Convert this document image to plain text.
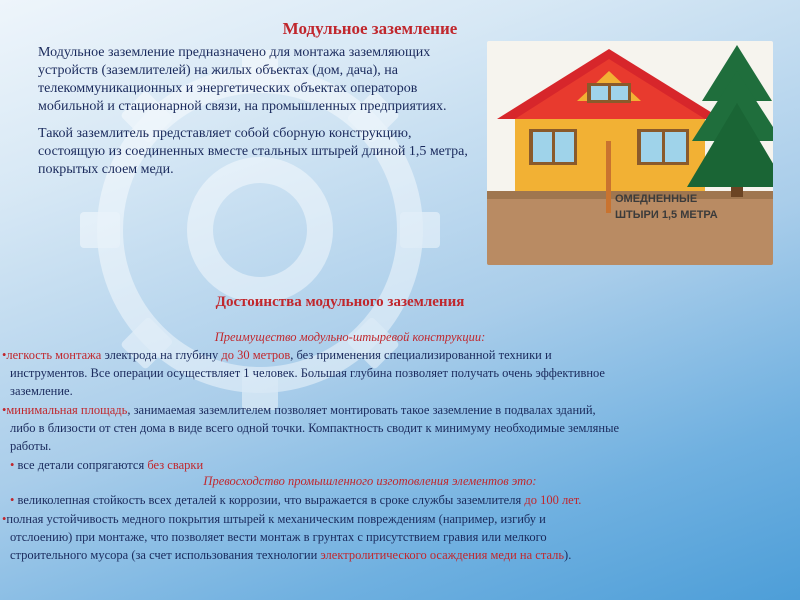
Модульное заземление

Модульное заземление предназначено для монтажа заземляющих устройств (заземлителей) на жилых объектах (дом, дача), на телекоммуникационных и энергетических объектах операторов мобильной и стационарной связи, на промышленных предприятиях.

Такой заземлитель представляет собой сборную конструкцию, состоящую из соединенных вместе стальных штырей длиной 1,5 метра, покрытых слоем меди.

ОМЕДНЕННЫЕ
ШТЫРИ 1,5 МЕТРА
Достоинства модульного заземления
Преимущество модульно-штыревой конструкции:
•легкость монтажа электрода на глубину до 30 метров, без применения специализированной техники и
инструментов. Все операции осуществляет 1 человек. Большая глубина позволяет получать очень эффективное
заземление.
•минимальная площадь, занимаемая заземлителем позволяет монтировать такое заземление в подвалах зданий,
либо в близости от стен дома в виде всего одной точки. Компактность сводит к минимуму необходимые земляные
работы.
• все детали сопрягаются без сварки
Превосходство промышленного изготовления элементов это:
• великолепная стойкость всех деталей к коррозии, что выражается в сроке службы заземлителя до 100 лет.
•полная устойчивость медного покрытия штырей к механическим повреждениям (например, изгибу и
отслоению) при монтаже, что позволяет вести монтаж в грунтах с присутствием гравия или мелкого
строительного мусора (за счет использования технологии электролитического осаждения меди на сталь).
